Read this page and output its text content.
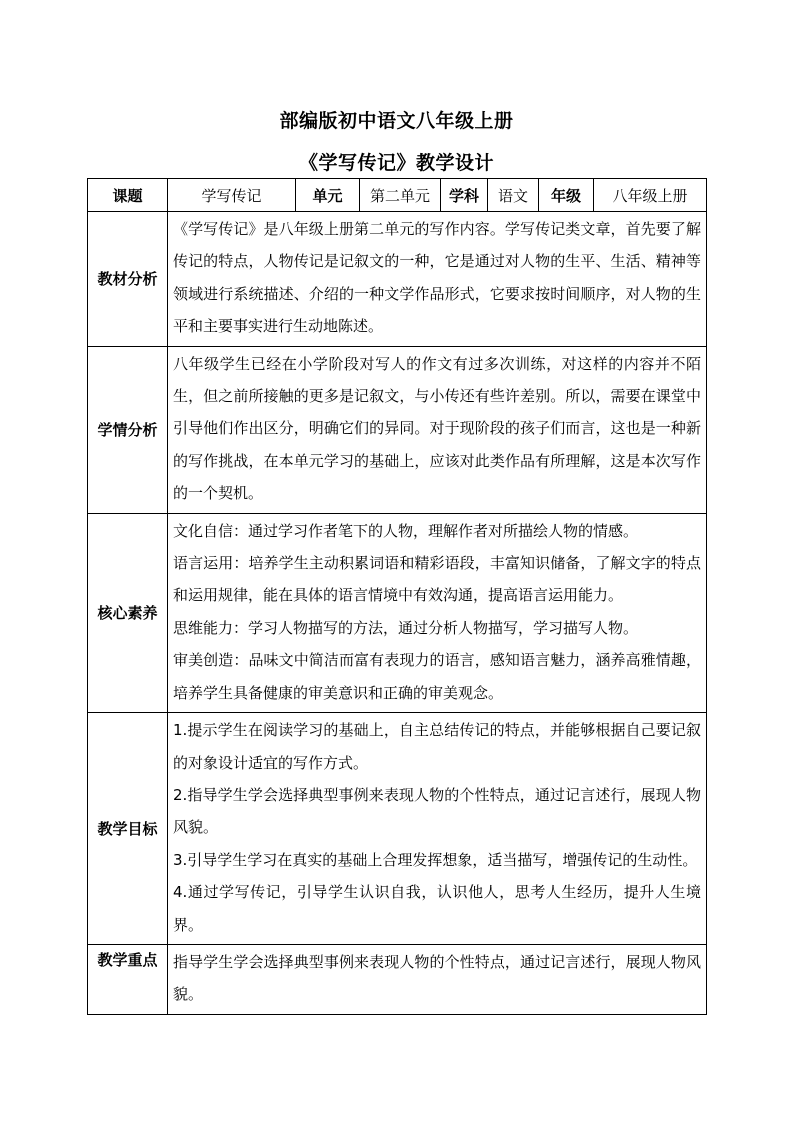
部编版初中语文八年级上册
《学写传记》教学设计
课题	学写传记	单元	第二单元	学科	语文	年级	八年级上册
教材分析	《学写传记》是八年级上册第二单元的写作内容。学写传记类文章，首先要了解传记的特点，人物传记是记叙文的一种，它是通过对人物的生平、生活、精神等领域进行系统描述、介绍的一种文学作品形式，它要求按时间顺序，对人物的生平和主要事实进行生动地陈述。						

学情分析	八年级学生已经在小学阶段对写人的作文有过多次训练，对这样的内容并不陌生，但之前所接触的更多是记叙文，与小传还有些许差别。所以，需要在课堂中引导他们作出区分，明确它们的异同。对于现阶段的孩子们而言，这也是一种新的写作挑战，在本单元学习的基础上，应该对此类作品有所理解，这是本次写作的一个契机。						

核心素养	文化自信：通过学习作者笔下的人物，理解作者对所描绘人物的情感。

语言运用：培养学生主动积累词语和精彩语段，丰富知识储备，了解文字的特点和运用规律，能在具体的语言情境中有效沟通，提高语言运用能力。

思维能力：学习人物描写的方法，通过分析人物描写，学习描写人物。

审美创造：品味文中简洁而富有表现力的语言，感知语言魅力，涵养高雅情趣，培养学生具备健康的审美意识和正确的审美观念。						

教学目标	1.提示学生在阅读学习的基础上，自主总结传记的特点，并能够根据自己要记叙的对象设计适宜的写作方式。

2.指导学生学会选择典型事例来表现人物的个性特点，通过记言述行，展现人物风貌。

3.引导学生学习在真实的基础上合理发挥想象，适当描写，增强传记的生动性。

4.通过学写传记，引导学生认识自我，认识他人，思考人生经历，提升人生境界。						

教学重点	指导学生学会选择典型事例来表现人物的个性特点，通过记言述行，展现人物风貌。						
